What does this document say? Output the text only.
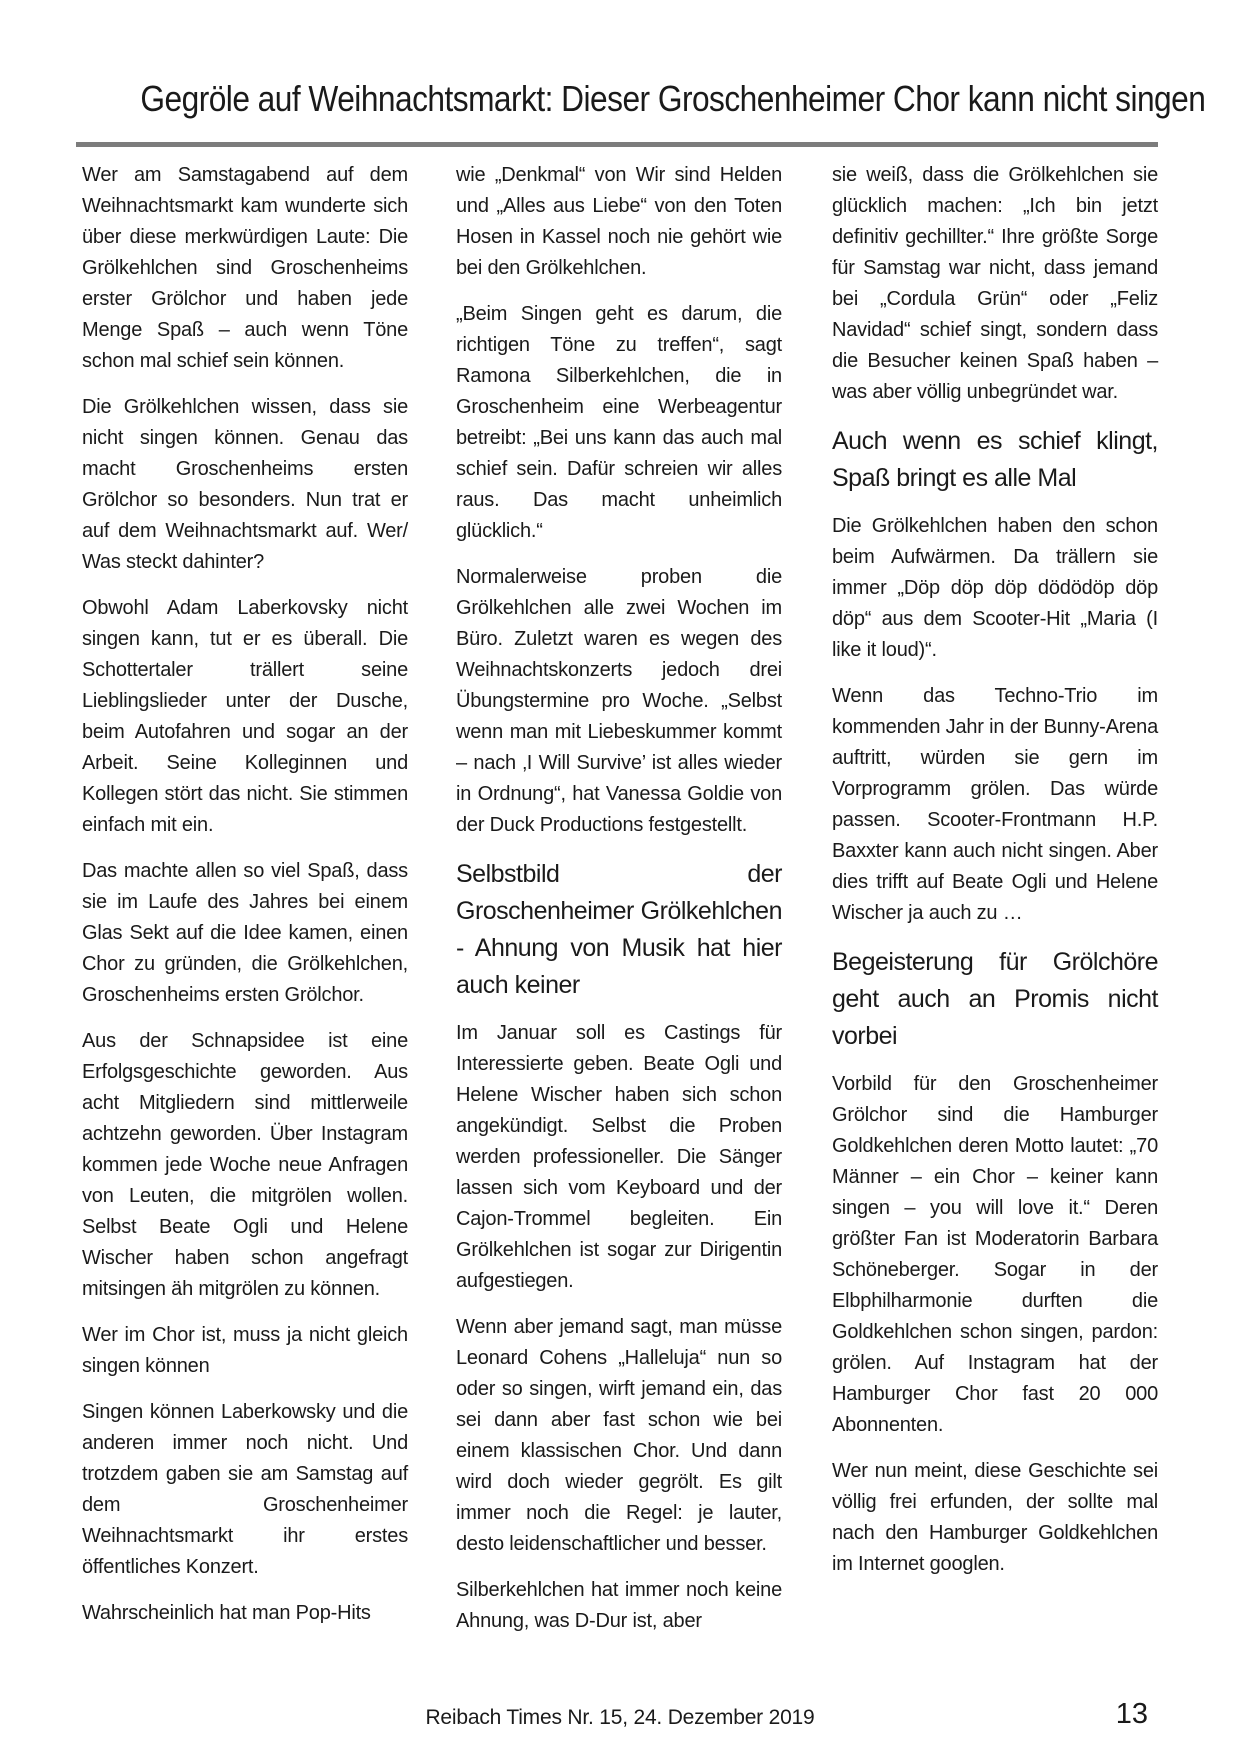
Gegröle auf Weihnachtsmarkt: Dieser Groschenheimer Chor kann nicht singen

Wer am Samstagabend auf dem Weihnachtsmarkt kam wunderte sich über diese merkwürdigen Laute: Die Grölkehlchen sind Groschenheims erster Grölchor und haben jede Menge Spaß – auch wenn Töne schon mal schief sein können.

Die Grölkehlchen wissen, dass sie nicht singen können. Genau das macht Groschenheims ersten Grölchor so besonders. Nun trat er auf dem Weihnachtsmarkt auf. Wer/ Was steckt dahinter?

Obwohl Adam Laberkovsky nicht singen kann, tut er es überall. Die Schottertaler trällert seine Lieblingslieder unter der Dusche, beim Autofahren und sogar an der Arbeit. Seine Kolleginnen und Kollegen stört das nicht. Sie stimmen einfach mit ein.

Das machte allen so viel Spaß, dass sie im Laufe des Jahres bei einem Glas Sekt auf die Idee kamen, einen Chor zu gründen, die Grölkehlchen, Groschenheims ersten Grölchor.

Aus der Schnapsidee ist eine Erfolgsgeschichte geworden. Aus acht Mitgliedern sind mittlerweile achtzehn geworden. Über Instagram kommen jede Woche neue Anfragen von Leuten, die mitgrölen wollen. Selbst Beate Ogli und Helene Wischer haben schon angefragt mitsingen äh mitgrölen zu können.

Wer im Chor ist, muss ja nicht gleich singen können

Singen können Laberkowsky und die anderen immer noch nicht. Und trotzdem gaben sie am Samstag auf dem Groschenheimer Weihnachtsmarkt ihr erstes öffentliches Konzert.

Wahrscheinlich hat man Pop-Hits

wie „Denkmal“ von Wir sind Helden und „Alles aus Liebe“ von den Toten Hosen in Kassel noch nie gehört wie bei den Grölkehlchen.

„Beim Singen geht es darum, die richtigen Töne zu treffen“, sagt Ramona Silberkehlchen, die in Groschenheim eine Werbeagentur betreibt: „Bei uns kann das auch mal schief sein. Dafür schreien wir alles raus. Das macht unheimlich glücklich.“

Normalerweise proben die Grölkehlchen alle zwei Wochen im Büro. Zuletzt waren es wegen des Weihnachtskonzerts jedoch drei Übungstermine pro Woche. „Selbst wenn man mit Liebeskummer kommt – nach ‚I Will Survive’ ist alles wieder in Ordnung“, hat Vanessa Goldie von der Duck Productions festgestellt.

Selbstbild der Groschenheimer Grölkehlchen - Ahnung von Musik hat hier auch keiner

Im Januar soll es Castings für Interessierte geben. Beate Ogli und Helene Wischer haben sich schon angekündigt. Selbst die Proben werden professioneller. Die Sänger lassen sich vom Keyboard und der Cajon-Trommel begleiten. Ein Grölkehlchen ist sogar zur Dirigentin aufgestiegen.

Wenn aber jemand sagt, man müsse Leonard Cohens „Halleluja“ nun so oder so singen, wirft jemand ein, das sei dann aber fast schon wie bei einem klassischen Chor. Und dann wird doch wieder gegrölt. Es gilt immer noch die Regel: je lauter, desto leidenschaftlicher und besser.

Silberkehlchen hat immer noch keine Ahnung, was D-Dur ist, aber

sie weiß, dass die Grölkehlchen sie glücklich machen: „Ich bin jetzt definitiv gechillter.“ Ihre größte Sorge für Samstag war nicht, dass jemand bei „Cordula Grün“ oder „Feliz Navidad“ schief singt, sondern dass die Besucher keinen Spaß haben – was aber völlig unbegründet war.

Auch wenn es schief klingt, Spaß bringt es alle Mal

Die Grölkehlchen haben den schon beim Aufwärmen. Da trällern sie immer „Döp döp döp dödödöp döp döp“ aus dem Scooter-Hit „Maria (I like it loud)“.

Wenn das Techno-Trio im kommenden Jahr in der Bunny-Arena auftritt, würden sie gern im Vorprogramm grölen. Das würde passen. Scooter-Frontmann H.P. Baxxter kann auch nicht singen. Aber dies trifft auf Beate Ogli und Helene Wischer ja auch zu …

Begeisterung für Grölchöre geht auch an Promis nicht vorbei

Vorbild für den Groschenheimer Grölchor sind die Hamburger Goldkehlchen deren Motto lautet: „70 Männer – ein Chor – keiner kann singen – you will love it.“ Deren größter Fan ist Moderatorin Barbara Schöneberger. Sogar in der Elbphilharmonie durften die Goldkehlchen schon singen, pardon: grölen. Auf Instagram hat der Hamburger Chor fast 20 000 Abonnenten.

Wer nun meint, diese Geschichte sei völlig frei erfunden, der sollte mal nach den Hamburger Goldkehlchen im Internet googlen.

Reibach Times Nr. 15, 24. Dezember 2019	13
